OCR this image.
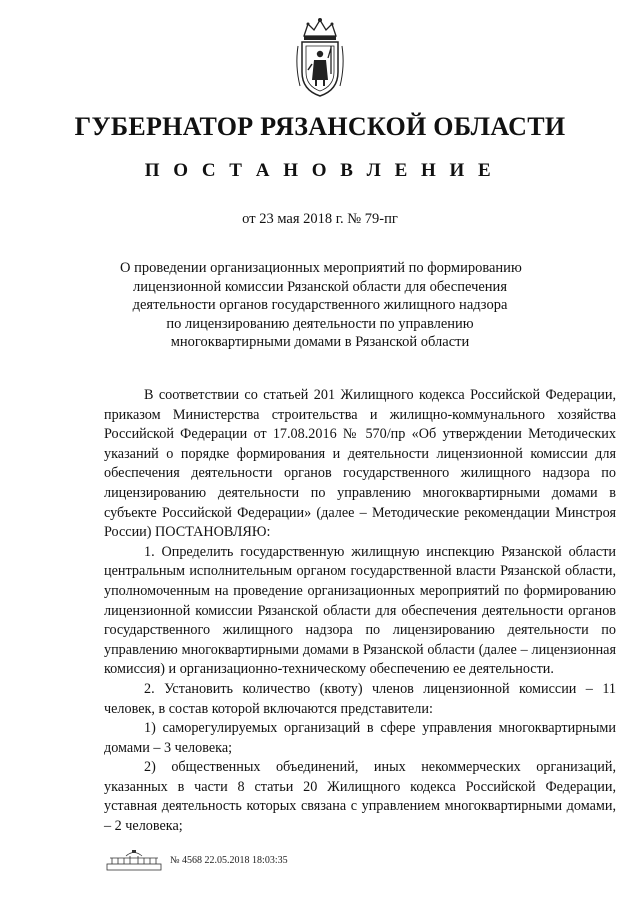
ГУБЕРНАТОР РЯЗАНСКОЙ ОБЛАСТИ
П О С Т А Н О В Л Е Н И Е
от 23 мая 2018 г. № 79-пг
О проведении организационных мероприятий по формированию
лицензионной комиссии Рязанской области для обеспечения
деятельности органов государственного жилищного надзора
по лицензированию деятельности по управлению
многоквартирными домами в Рязанской области

В соответствии со статьей 201 Жилищного кодекса Российской Федерации, приказом Министерства строительства и жилищно-коммунального хозяйства Российской Федерации от 17.08.2016 № 570/пр «Об утверждении Методических указаний о порядке формирования и деятельности лицензионной комиссии для обеспечения деятельности органов государственного жилищного надзора по лицензированию деятельности по управлению многоквартирными домами в субъекте Российской Федерации» (далее – Методические рекомендации Минстроя России) ПОСТАНОВЛЯЮ:

1. Определить государственную жилищную инспекцию Рязанской области центральным исполнительным органом государственной власти Рязанской области, уполномоченным на проведение организационных мероприятий по формированию лицензионной комиссии Рязанской области для обеспечения деятельности органов государственного жилищного надзора по лицензированию деятельности по управлению многоквартирными домами в Рязанской области (далее – лицензионная комиссия) и организационно-техническому обеспечению ее деятельности.

2. Установить количество (квоту) членов лицензионной комиссии – 11 человек, в состав которой включаются представители:

1) саморегулируемых организаций в сфере управления многоквартирными домами – 3 человека;

2) общественных объединений, иных некоммерческих организаций, указанных в части 8 статьи 20 Жилищного кодекса Российской Федерации, уставная деятельность которых связана с управлением многоквартирными домами, – 2 человека;

№ 4568 22.05.2018 18:03:35
